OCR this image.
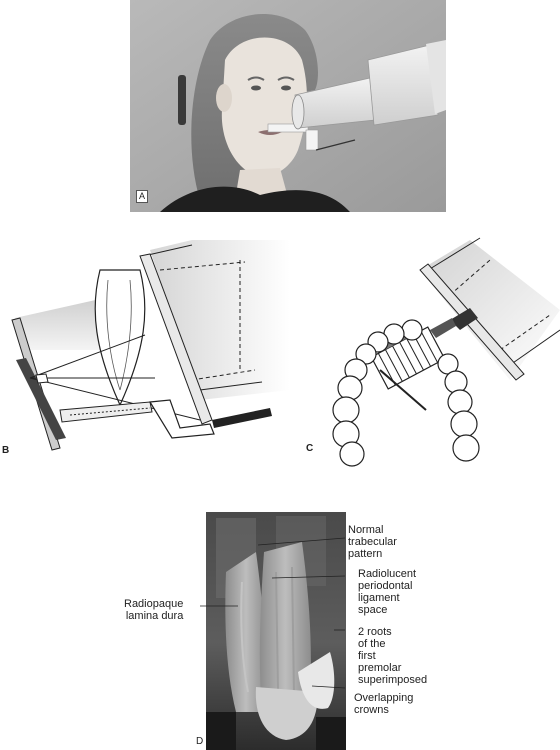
A
B	C
Normal
trabecular
pattern
Radiolucent
periodontal
ligament
space
Radiopaque
lamina dura
2 roots
of the
first
premolar
superimposed
Overlapping
crowns
D
